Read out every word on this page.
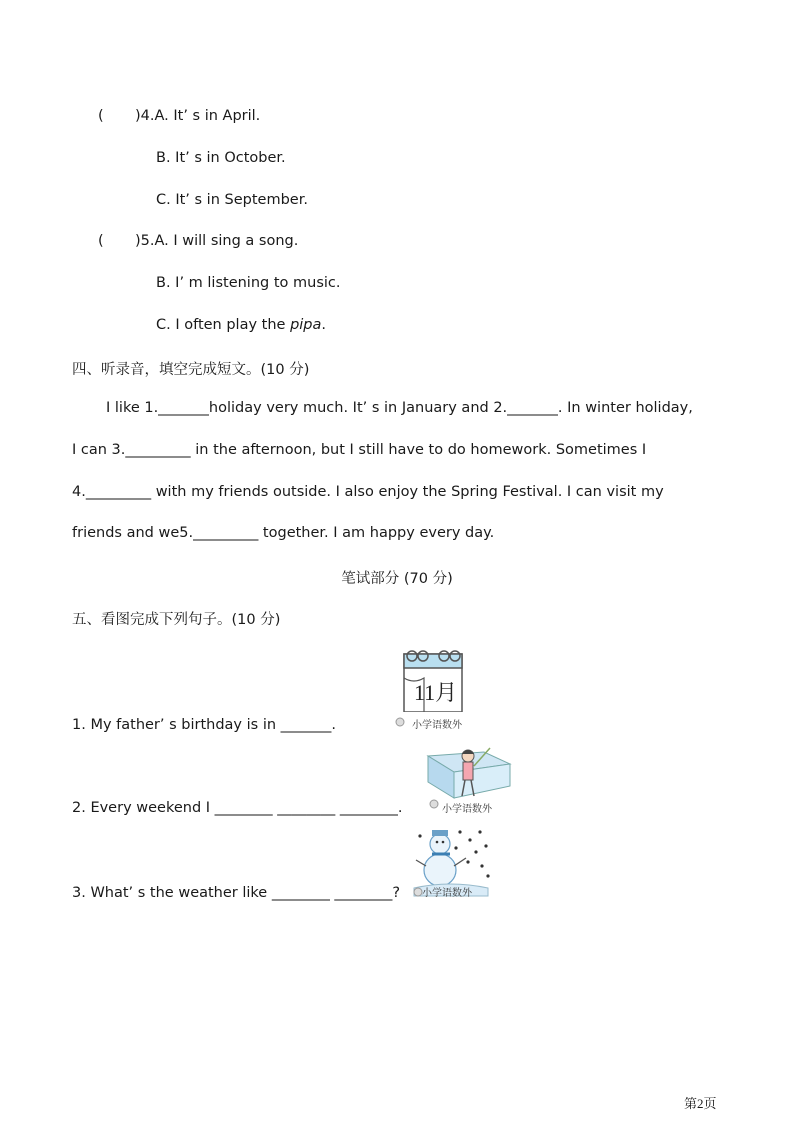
( )4.A. It’ s in April.
B. It’ s in October.
C. It’ s in September.
( )5.A. I will sing a song.
B. I’ m listening to music.
C. I often play the pipa.
四、听录音，填空完成短文。(10 分)
I like 1._______holiday very much. It’ s in January and 2._______. In winter holiday,
I can 3._________ in the afternoon, but I still have to do homework. Sometimes I
4._________ with my friends outside. I also enjoy the Spring Festival. I can visit my
friends and we5._________ together. I am happy every day.
笔试部分 (70 分)
五、看图完成下列句子。(10 分)
1. My father’ s birthday is in _______.
2. Every weekend I ________ ________ ________.
3. What’ s the weather like ________ ________?
11月
小学语数外
小学语数外
小学语数外
第2页
